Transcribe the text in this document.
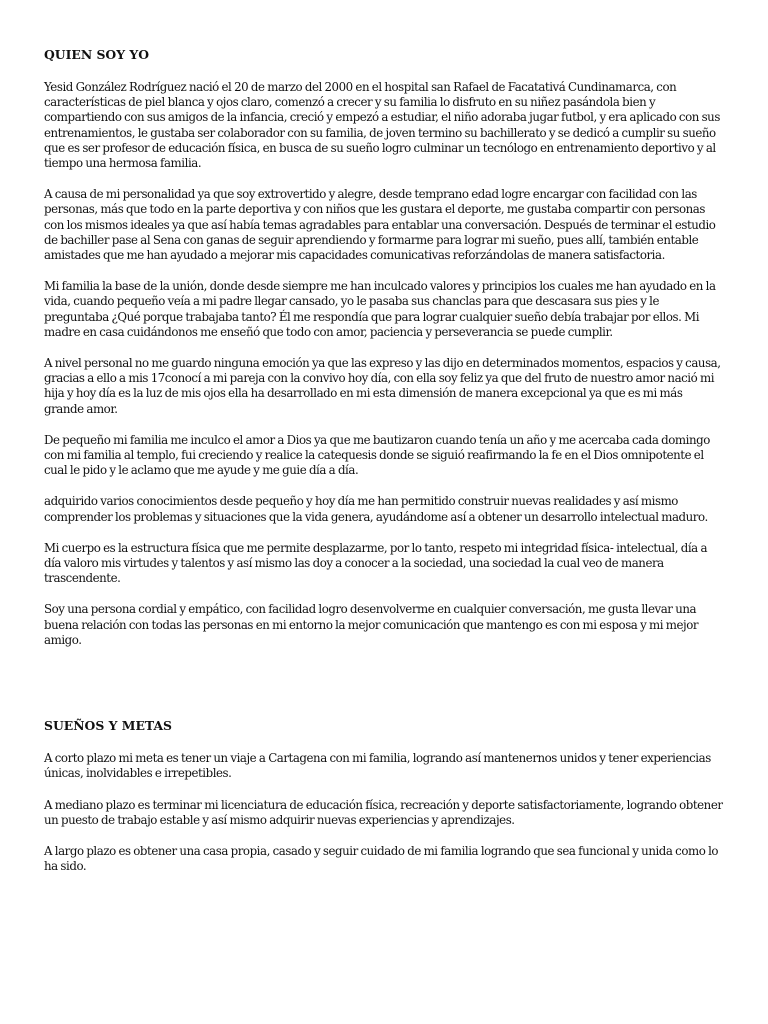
QUIEN SOY YO

Yesid González Rodríguez nació el 20 de marzo del 2000 en el hospital san Rafael de Facatativá Cundinamarca, con características de piel blanca y ojos claro, comenzó a crecer y su familia lo disfruto en su niñez pasándola bien y compartiendo con sus amigos de la infancia, creció y empezó a estudiar, el niño adoraba jugar futbol, y era aplicado con sus entrenamientos, le gustaba ser colaborador con su familia, de joven termino su bachillerato y se dedicó a cumplir su sueño que es ser profesor de educación física, en busca de su sueño logro culminar un tecnólogo en entrenamiento deportivo y al tiempo una hermosa familia.

A causa de mi personalidad ya que soy extrovertido y alegre, desde temprano edad logre encargar con facilidad con las personas, más que todo en la parte deportiva y con niños que les gustara el deporte, me gustaba compartir con personas con los mismos ideales ya que así había temas agradables para entablar una conversación. Después de terminar el estudio de bachiller pase al Sena con ganas de seguir aprendiendo y formarme para lograr mi sueño, pues allí, también entable amistades que me han ayudado a mejorar mis capacidades comunicativas reforzándolas de manera satisfactoria.

Mi familia la base de la unión, donde desde siempre me han inculcado valores y principios los cuales me han ayudado en la vida, cuando pequeño veía a mi padre llegar cansado, yo le pasaba sus chanclas para que descasara sus pies y le preguntaba ¿Qué porque trabajaba tanto? Él me respondía que para lograr cualquier sueño debía trabajar por ellos. Mi madre en casa cuidándonos me enseñó que todo con amor, paciencia y perseverancia se puede cumplir.

A nivel personal no me guardo ninguna emoción ya que las expreso y las dijo en determinados momentos, espacios y causa, gracias a ello a mis 17conocí a mi pareja con la convivo hoy día, con ella soy feliz ya que del fruto de nuestro amor nació mi hija y hoy día es la luz de mis ojos ella ha desarrollado en mi esta dimensión de manera excepcional ya que es mi más grande amor.

De pequeño mi familia me inculco el amor a Dios ya que me bautizaron cuando tenía un año y me acercaba cada domingo con mi familia al templo, fui creciendo y realice la catequesis donde se siguió reafirmando la fe en el Dios omnipotente el cual le pido y le aclamo que me ayude y me guie día a día.

adquirido varios conocimientos desde pequeño y hoy día me han permitido construir nuevas realidades y así mismo comprender los problemas y situaciones que la vida genera, ayudándome así a obtener un desarrollo intelectual maduro.

Mi cuerpo es la estructura física que me permite desplazarme, por lo tanto, respeto mi integridad física- intelectual, día a día valoro mis virtudes y talentos y así mismo las doy a conocer a la sociedad, una sociedad la cual veo de manera trascendente.

Soy una persona cordial y empático, con facilidad logro desenvolverme en cualquier conversación, me gusta llevar una buena relación con todas las personas en mi entorno la mejor comunicación que mantengo es con mi esposa y mi mejor amigo.

SUEÑOS Y METAS

A corto plazo mi meta es tener un viaje a Cartagena con mi familia, logrando así mantenernos unidos y tener experiencias únicas, inolvidables e irrepetibles.

A mediano plazo es terminar mi licenciatura de educación física, recreación y deporte satisfactoriamente, logrando obtener un puesto de trabajo estable y así mismo adquirir nuevas experiencias y aprendizajes.

A largo plazo es obtener una casa propia, casado y seguir cuidado de mi familia logrando que sea funcional y unida como lo ha sido.
